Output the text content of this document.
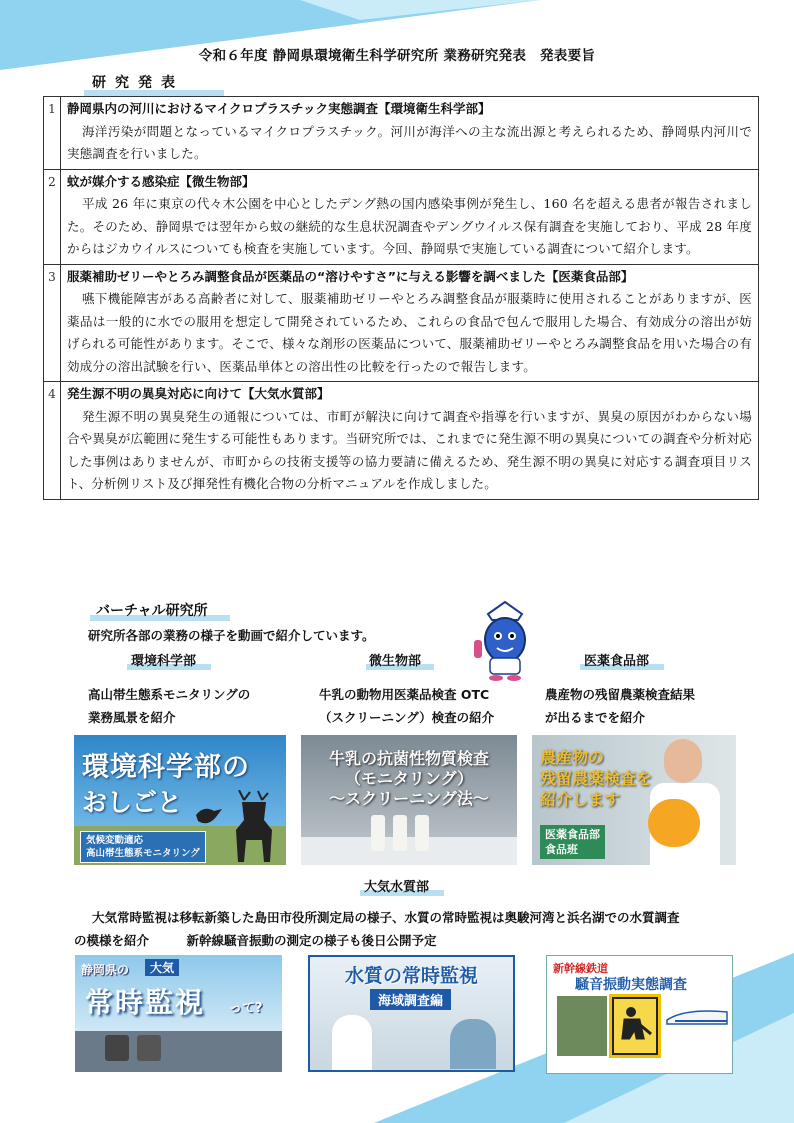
令和６年度 静岡県環境衛生科学研究所 業務研究発表　発表要旨
研究発表
1	静岡県内の河川におけるマイクロプラスチック実態調査【環境衛生科学部】
海洋汚染が問題となっているマイクロプラスチック。河川が海洋への主な流出源と考えられるため、静岡県内河川で実態調査を行いました。

2	蚊が媒介する感染症【微生物部】
平成 26 年に東京の代々木公園を中心としたデング熱の国内感染事例が発生し、160 名を超える患者が報告されました。そのため、静岡県では翌年から蚊の継続的な生息状況調査やデングウイルス保有調査を実施しており、平成 28 年度からはジカウイルスについても検査を実施しています。今回、静岡県で実施している調査について紹介します。

3	服薬補助ゼリーやとろみ調整食品が医薬品の“溶けやすさ”に与える影響を調べました【医薬食品部】
嚥下機能障害がある高齢者に対して、服薬補助ゼリーやとろみ調整食品が服薬時に使用されることがありますが、医薬品は一般的に水での服用を想定して開発されているため、これらの食品で包んで服用した場合、有効成分の溶出が妨げられる可能性があります。そこで、様々な剤形の医薬品について、服薬補助ゼリーやとろみ調整食品を用いた場合の有効成分の溶出試験を行い、医薬品単体との溶出性の比較を行ったので報告します。

4	発生源不明の異臭対応に向けて【大気水質部】
発生源不明の異臭発生の通報については、市町が解決に向けて調査や指導を行いますが、異臭の原因がわからない場合や異臭が広範囲に発生する可能性もあります。当研究所では、これまでに発生源不明の異臭についての調査や分析対応した事例はありませんが、市町からの技術支援等の協力要請に備えるため、発生源不明の異臭に対応する調査項目リスト、分析例リスト及び揮発性有機化合物の分析マニュアルを作成しました。
バーチャル研究所
研究所各部の業務の様子を動画で紹介しています。
環境科学部	微生物部	医薬食品部
高山帯生態系モニタリングの
業務風景を紹介
牛乳の動物用医薬品検査 OTC
（スクリーニング）検査の紹介
農産物の残留農薬検査結果
が出るまでを紹介
環境科学部の
おしごと
気候変動適応
高山帯生態系モニタリング
牛乳の抗菌性物質検査
（モニタリング）
～スクリーニング法～
農産物の
残留農薬検査を
紹介します
医薬食品部
食品班
大気水質部
大気常時監視は移転新築した島田市役所測定局の様子、水質の常時監視は奥駿河湾と浜名湖での水質調査
の模様を紹介　　　新幹線騒音振動の測定の様子も後日公開予定
静岡県の	大気
常時監視 って?
水質の常時監視
海域調査編
新幹線鉄道
騒音振動実態調査
